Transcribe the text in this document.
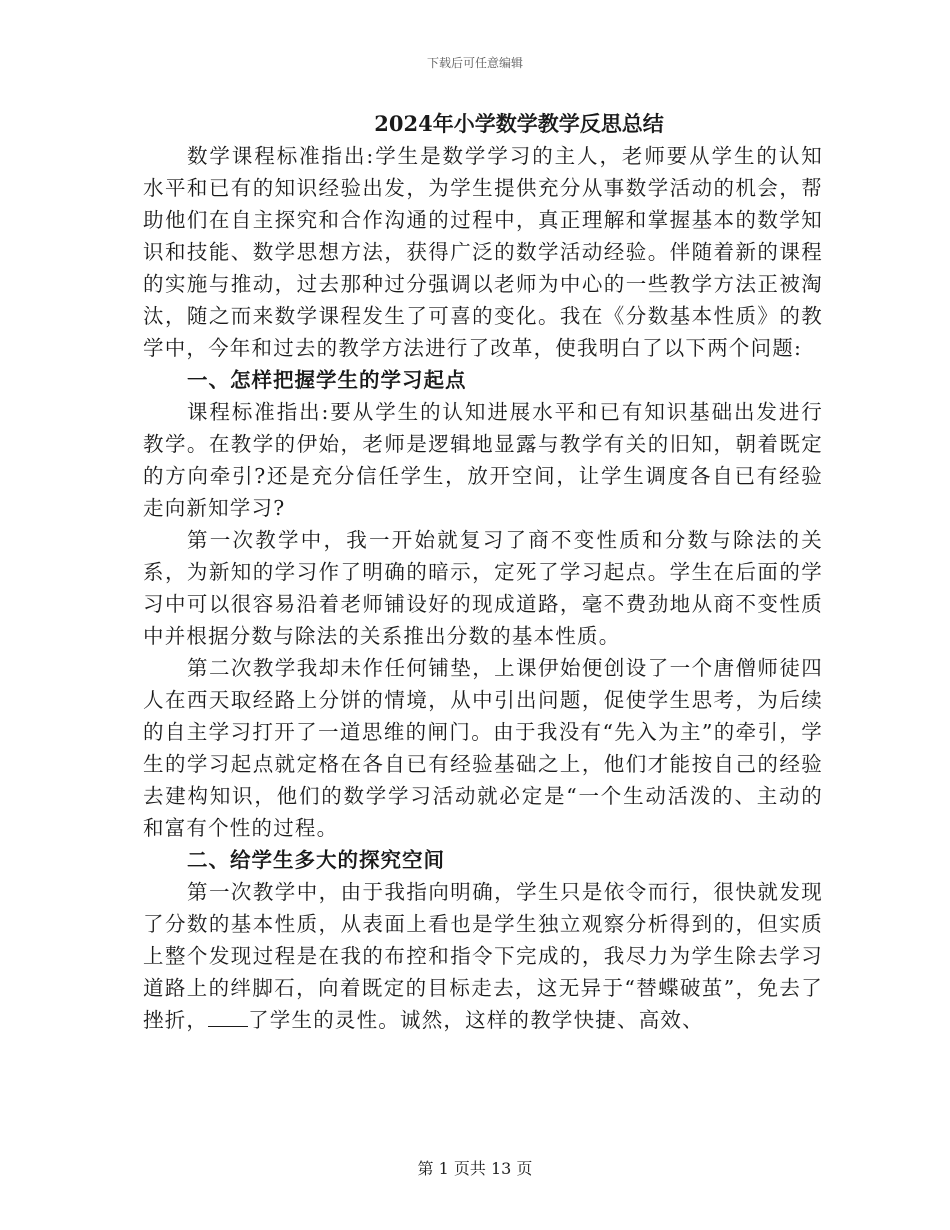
下载后可任意编辑
2024年小学数学教学反思总结

数学课程标准指出:学生是数学学习的主人，老师要从学生的认知水平和已有的知识经验出发，为学生提供充分从事数学活动的机会，帮助他们在自主探究和合作沟通的过程中，真正理解和掌握基本的数学知识和技能、数学思想方法，获得广泛的数学活动经验。伴随着新的课程的实施与推动，过去那种过分强调以老师为中心的一些教学方法正被淘汰，随之而来数学课程发生了可喜的变化。我在《分数基本性质》的教学中，今年和过去的教学方法进行了改革，使我明白了以下两个问题:

一、怎样把握学生的学习起点

课程标准指出:要从学生的认知进展水平和已有知识基础出发进行教学。在教学的伊始，老师是逻辑地显露与教学有关的旧知，朝着既定的方向牵引?还是充分信任学生，放开空间，让学生调度各自已有经验走向新知学习?

第一次教学中，我一开始就复习了商不变性质和分数与除法的关系，为新知的学习作了明确的暗示，定死了学习起点。学生在后面的学习中可以很容易沿着老师铺设好的现成道路，毫不费劲地从商不变性质中并根据分数与除法的关系推出分数的基本性质。

第二次教学我却未作任何铺垫，上课伊始便创设了一个唐僧师徒四人在西天取经路上分饼的情境，从中引出问题，促使学生思考，为后续的自主学习打开了一道思维的闸门。由于我没有“先入为主”的牵引，学生的学习起点就定格在各自已有经验基础之上，他们才能按自己的经验去建构知识，他们的数学学习活动就必定是“一个生动活泼的、主动的和富有个性的过程。

二、给学生多大的探究空间

第一次教学中，由于我指向明确，学生只是依令而行，很快就发现了分数的基本性质，从表面上看也是学生独立观察分析得到的，但实质上整个发现过程是在我的布控和指令下完成的，我尽力为学生除去学习道路上的绊脚石，向着既定的目标走去，这无异于“替蝶破茧”，免去了挫折， 了学生的灵性。诚然，这样的教学快捷、高效、

第 1 页共 13 页
